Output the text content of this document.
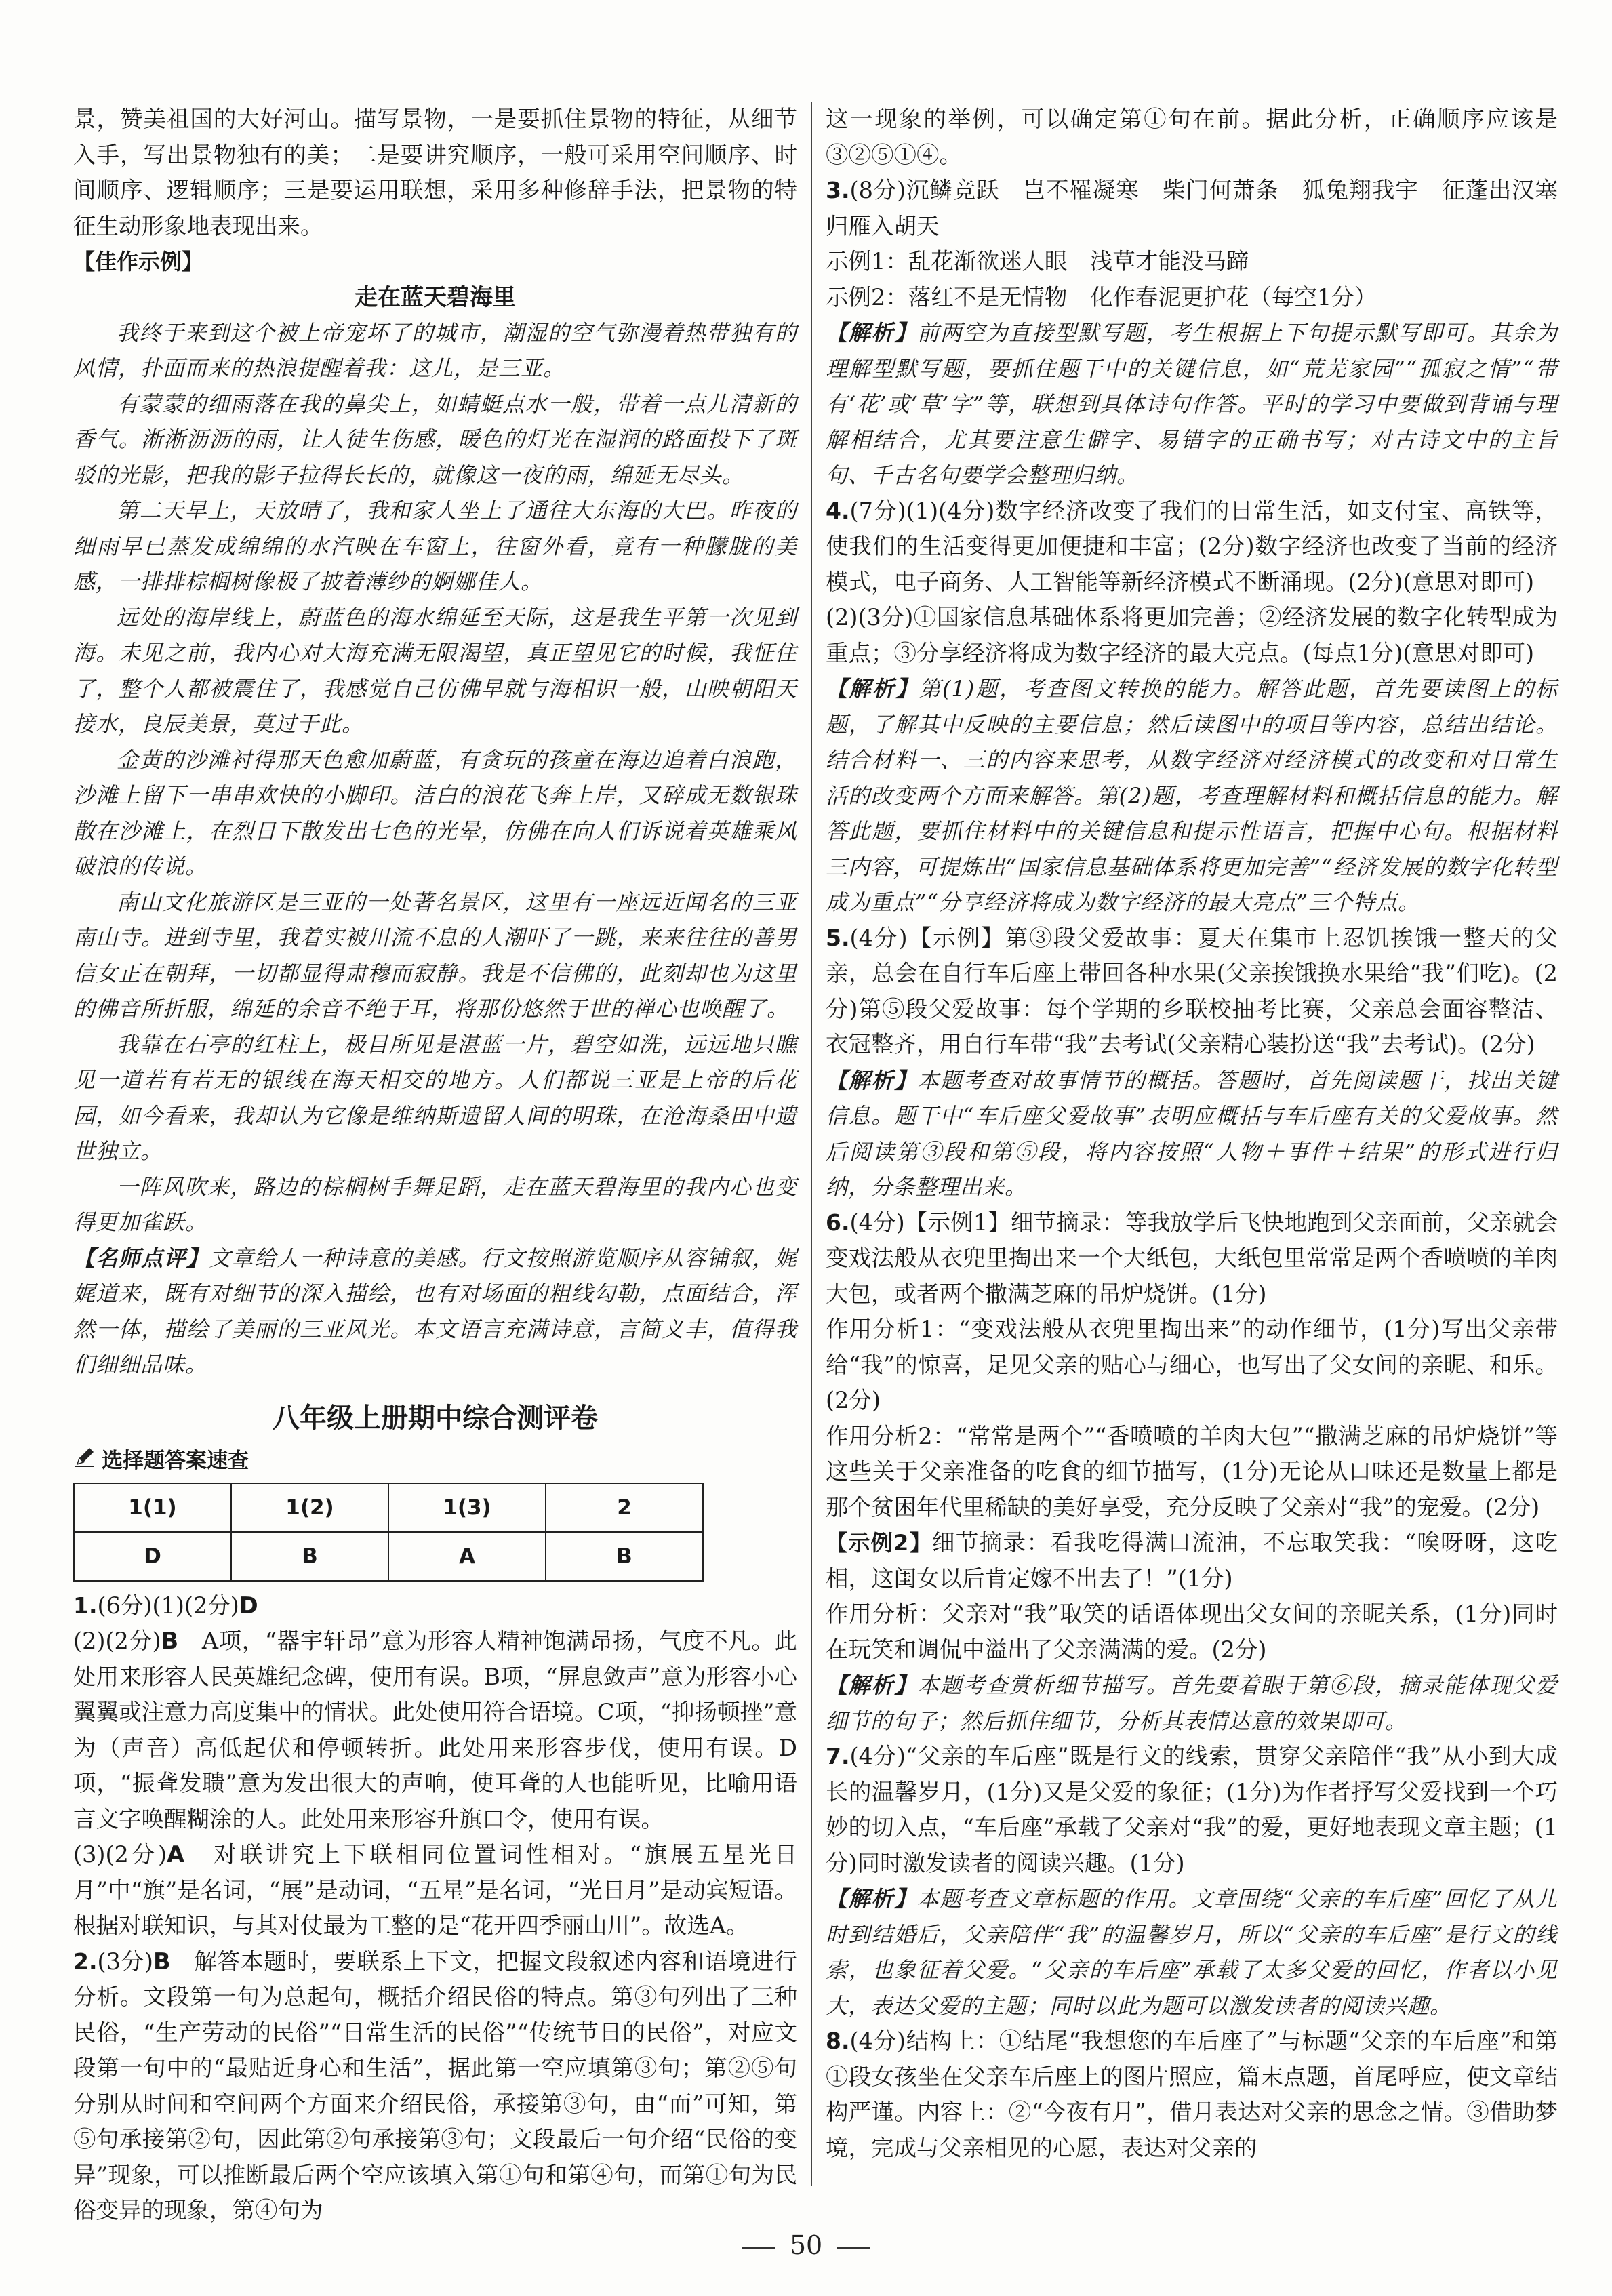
景，赞美祖国的大好河山。描写景物，一是要抓住景物的特征，从细节入手，写出景物独有的美；二是要讲究顺序，一般可采用空间顺序、时间顺序、逻辑顺序；三是要运用联想，采用多种修辞手法，把景物的特征生动形象地表现出来。

【佳作示例】

走在蓝天碧海里

我终于来到这个被上帝宠坏了的城市，潮湿的空气弥漫着热带独有的风情，扑面而来的热浪提醒着我：这儿，是三亚。

有蒙蒙的细雨落在我的鼻尖上，如蜻蜓点水一般，带着一点儿清新的香气。淅淅沥沥的雨，让人徒生伤感，暖色的灯光在湿润的路面投下了斑驳的光影，把我的影子拉得长长的，就像这一夜的雨，绵延无尽头。

第二天早上，天放晴了，我和家人坐上了通往大东海的大巴。昨夜的细雨早已蒸发成绵绵的水汽映在车窗上，往窗外看，竟有一种朦胧的美感，一排排棕榈树像极了披着薄纱的婀娜佳人。

远处的海岸线上，蔚蓝色的海水绵延至天际，这是我生平第一次见到海。未见之前，我内心对大海充满无限渴望，真正望见它的时候，我怔住了，整个人都被震住了，我感觉自己仿佛早就与海相识一般，山映朝阳天接水，良辰美景，莫过于此。

金黄的沙滩衬得那天色愈加蔚蓝，有贪玩的孩童在海边追着白浪跑，沙滩上留下一串串欢快的小脚印。洁白的浪花飞奔上岸，又碎成无数银珠散在沙滩上，在烈日下散发出七色的光晕，仿佛在向人们诉说着英雄乘风破浪的传说。

南山文化旅游区是三亚的一处著名景区，这里有一座远近闻名的三亚南山寺。进到寺里，我着实被川流不息的人潮吓了一跳，来来往往的善男信女正在朝拜，一切都显得肃穆而寂静。我是不信佛的，此刻却也为这里的佛音所折服，绵延的余音不绝于耳，将那份悠然于世的禅心也唤醒了。

我靠在石亭的红柱上，极目所见是湛蓝一片，碧空如洗，远远地只瞧见一道若有若无的银线在海天相交的地方。人们都说三亚是上帝的后花园，如今看来，我却认为它像是维纳斯遗留人间的明珠，在沧海桑田中遗世独立。

一阵风吹来，路边的棕榈树手舞足蹈，走在蓝天碧海里的我内心也变得更加雀跃。

【名师点评】文章给人一种诗意的美感。行文按照游览顺序从容铺叙，娓娓道来，既有对细节的深入描绘，也有对场面的粗线勾勒，点面结合，浑然一体，描绘了美丽的三亚风光。本文语言充满诗意，言简义丰，值得我们细细品味。

八年级上册期中综合测评卷

选择题答案速查
1(1)	1(2)	1(3)	2
D	B	A	B

1.(6分)(1)(2分)D

(2)(2分)B　 A项，“器宇轩昂”意为形容人精神饱满昂扬，气度不凡。此处用来形容人民英雄纪念碑，使用有误。B项，“屏息敛声”意为形容小心翼翼或注意力高度集中的情状。此处使用符合语境。C项，“抑扬顿挫”意为（声音）高低起伏和停顿转折。此处用来形容步伐，使用有误。D项，“振聋发聩”意为发出很大的声响，使耳聋的人也能听见，比喻用语言文字唤醒糊涂的人。此处用来形容升旗口令，使用有误。

(3)(2分)A　 对联讲究上下联相同位置词性相对。“旗展五星光日月”中“旗”是名词，“展”是动词，“五星”是名词，“光日月”是动宾短语。根据对联知识，与其对仗最为工整的是“花开四季丽山川”。故选A。

2.(3分)B　 解答本题时，要联系上下文，把握文段叙述内容和语境进行分析。文段第一句为总起句，概括介绍民俗的特点。第③句列出了三种民俗，“生产劳动的民俗”“日常生活的民俗”“传统节日的民俗”，对应文段第一句中的“最贴近身心和生活”，据此第一空应填第③句；第②⑤句分别从时间和空间两个方面来介绍民俗，承接第③句，由“而”可知，第⑤句承接第②句，因此第②句承接第③句；文段最后一句介绍“民俗的变异”现象，可以推断最后两个空应该填入第①句和第④句，而第①句为民俗变异的现象，第④句为

这一现象的举例，可以确定第①句在前。据此分析，正确顺序应该是③②⑤①④。

3.(8分)沉鳞竞跃　岂不罹凝寒　柴门何萧条　狐兔翔我宇　征蓬出汉塞　归雁入胡天

示例1：乱花渐欲迷人眼　浅草才能没马蹄

示例2：落红不是无情物　化作春泥更护花（每空1分）

【解析】前两空为直接型默写题，考生根据上下句提示默写即可。其余为理解型默写题，要抓住题干中的关键信息，如“荒芜家园”“孤寂之情”“带有‘花’或‘草’字”等，联想到具体诗句作答。平时的学习中要做到背诵与理解相结合，尤其要注意生僻字、易错字的正确书写；对古诗文中的主旨句、千古名句要学会整理归纳。

4.(7分)(1)(4分)数字经济改变了我们的日常生活，如支付宝、高铁等，使我们的生活变得更加便捷和丰富；(2分)数字经济也改变了当前的经济模式，电子商务、人工智能等新经济模式不断涌现。(2分)(意思对即可)

(2)(3分)①国家信息基础体系将更加完善；②经济发展的数字化转型成为重点；③分享经济将成为数字经济的最大亮点。(每点1分)(意思对即可)

【解析】第(1)题，考查图文转换的能力。解答此题，首先要读图上的标题，了解其中反映的主要信息；然后读图中的项目等内容，总结出结论。结合材料一、三的内容来思考，从数字经济对经济模式的改变和对日常生活的改变两个方面来解答。第(2)题，考查理解材料和概括信息的能力。解答此题，要抓住材料中的关键信息和提示性语言，把握中心句。根据材料三内容，可提炼出“国家信息基础体系将更加完善”“经济发展的数字化转型成为重点”“分享经济将成为数字经济的最大亮点”三个特点。

5.(4分)【示例】第③段父爱故事：夏天在集市上忍饥挨饿一整天的父亲，总会在自行车后座上带回各种水果(父亲挨饿换水果给“我”们吃)。(2分)第⑤段父爱故事：每个学期的乡联校抽考比赛，父亲总会面容整洁、衣冠整齐，用自行车带“我”去考试(父亲精心装扮送“我”去考试)。(2分)

【解析】本题考查对故事情节的概括。答题时，首先阅读题干，找出关键信息。题干中“车后座父爱故事”表明应概括与车后座有关的父爱故事。然后阅读第③段和第⑤段，将内容按照“人物＋事件＋结果”的形式进行归纳，分条整理出来。

6.(4分)【示例1】细节摘录：等我放学后飞快地跑到父亲面前，父亲就会变戏法般从衣兜里掏出来一个大纸包，大纸包里常常是两个香喷喷的羊肉大包，或者两个撒满芝麻的吊炉烧饼。(1分)

作用分析1：“变戏法般从衣兜里掏出来”的动作细节，(1分)写出父亲带给“我”的惊喜，足见父亲的贴心与细心，也写出了父女间的亲昵、和乐。(2分)

作用分析2：“常常是两个”“香喷喷的羊肉大包”“撒满芝麻的吊炉烧饼”等这些关于父亲准备的吃食的细节描写，(1分)无论从口味还是数量上都是那个贫困年代里稀缺的美好享受，充分反映了父亲对“我”的宠爱。(2分)

【示例2】细节摘录：看我吃得满口流油，不忘取笑我：“唉呀呀，这吃相，这闺女以后肯定嫁不出去了！”(1分)

作用分析：父亲对“我”取笑的话语体现出父女间的亲昵关系，(1分)同时在玩笑和调侃中溢出了父亲满满的爱。(2分)

【解析】本题考查赏析细节描写。首先要着眼于第⑥段，摘录能体现父爱细节的句子；然后抓住细节，分析其表情达意的效果即可。

7.(4分)“父亲的车后座”既是行文的线索，贯穿父亲陪伴“我”从小到大成长的温馨岁月，(1分)又是父爱的象征；(1分)为作者抒写父爱找到一个巧妙的切入点，“车后座”承载了父亲对“我”的爱，更好地表现文章主题；(1分)同时激发读者的阅读兴趣。(1分)

【解析】本题考查文章标题的作用。文章围绕“父亲的车后座”回忆了从儿时到结婚后，父亲陪伴“我”的温馨岁月，所以“父亲的车后座”是行文的线索，也象征着父爱。“父亲的车后座”承载了太多父爱的回忆，作者以小见大，表达父爱的主题；同时以此为题可以激发读者的阅读兴趣。

8.(4分)结构上：①结尾“我想您的车后座了”与标题“父亲的车后座”和第①段女孩坐在父亲车后座上的图片照应，篇末点题，首尾呼应，使文章结构严谨。内容上：②“今夜有月”，借月表达对父亲的思念之情。③借助梦境，完成与父亲相见的心愿，表达对父亲的

50
